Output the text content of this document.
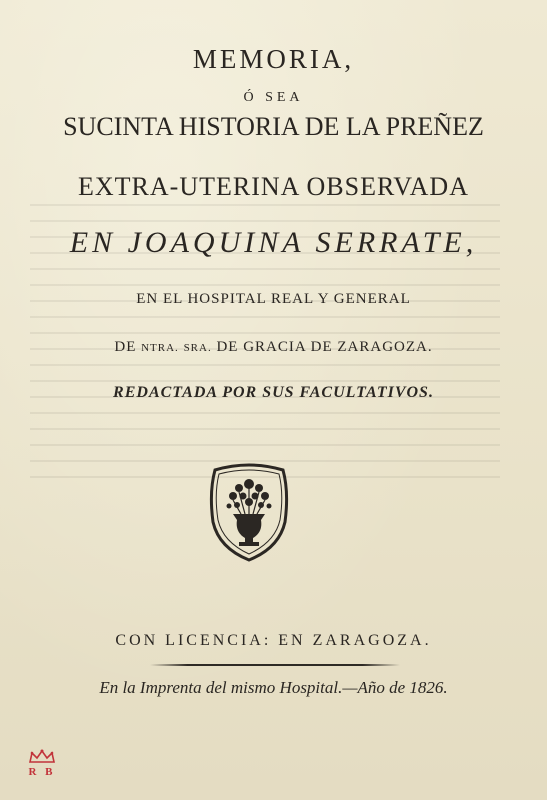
MEMORIA,
Ó SEA
SUCINTA HISTORIA DE LA PREÑEZ
EXTRA-UTERINA OBSERVADA
EN JOAQUINA SERRATE,
EN EL HOSPITAL REAL Y GENERAL
DE NTRA. SRA. DE GRACIA DE ZARAGOZA.
REDACTADA POR SUS FACULTATIVOS.
CON LICENCIA: EN ZARAGOZA.
En la Imprenta del mismo Hospital.—Año de 1826.
R B
